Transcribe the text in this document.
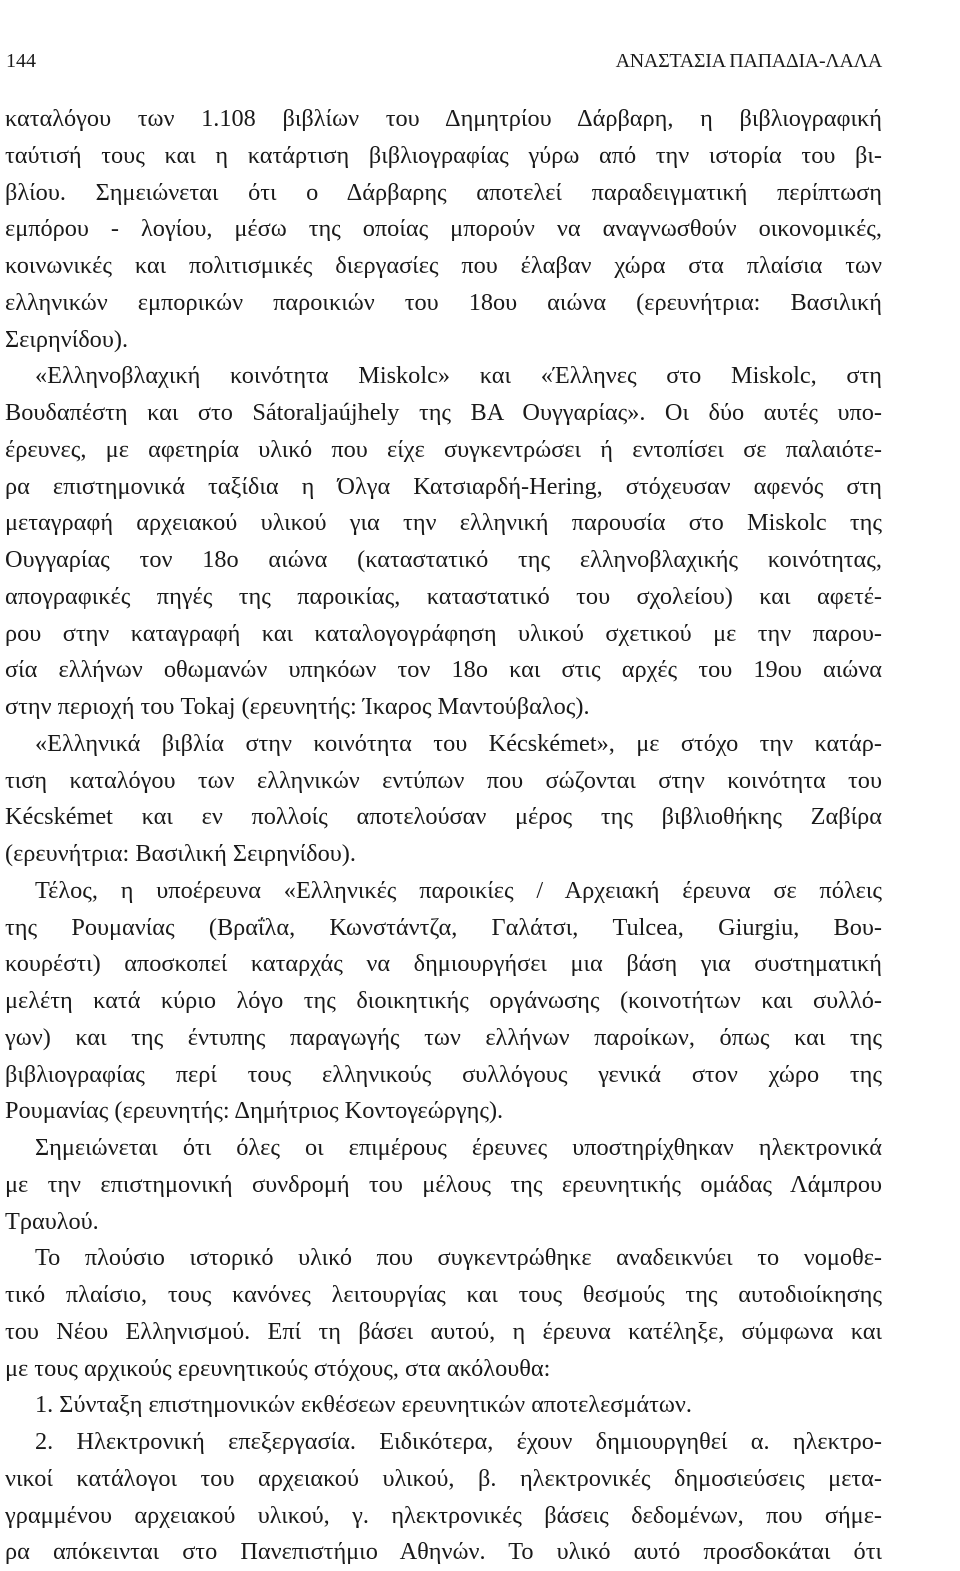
144	ΑΝΑΣΤΑΣΙΑ ΠΑΠΑΔΙΑ-ΛΑΛΑ

καταλόγου των 1.108 βιβλίων του Δημητρίου Δάρβαρη, η βιβλιογραφική

ταύτισή τους και η κατάρτιση βιβλιογραφίας γύρω από την ιστορία του βι-

βλίου. Σημειώνεται ότι ο Δάρβαρης αποτελεί παραδειγματική περίπτωση

εμπόρου - λογίου, μέσω της οποίας μπορούν να αναγνωσθούν οικονομικές,

κοινωνικές και πολιτισμικές διεργασίες που έλαβαν χώρα στα πλαίσια των

ελληνικών εμπορικών παροικιών του 18ου αιώνα (ερευνήτρια: Βασιλική

Σειρηνίδου).

«Ελληνοβλαχική κοινότητα Miskolc» και «Έλληνες στο Miskolc, στη

Βουδαπέστη και στο Sátoraljaújhely της ΒΑ Ουγγαρίας». Οι δύο αυτές υπο-

έρευνες, με αφετηρία υλικό που είχε συγκεντρώσει ή εντοπίσει σε παλαιότε-

ρα επιστημονικά ταξίδια η Όλγα Κατσιαρδή-Hering, στόχευσαν αφενός στη

μεταγραφή αρχειακού υλικού για την ελληνική παρουσία στο Miskolc της

Ουγγαρίας τον 18ο αιώνα (καταστατικό της ελληνοβλαχικής κοινότητας,

απογραφικές πηγές της παροικίας, καταστατικό του σχολείου) και αφετέ-

ρου στην καταγραφή και καταλογογράφηση υλικού σχετικού με την παρου-

σία ελλήνων οθωμανών υπηκόων τον 18ο και στις αρχές του 19ου αιώνα

στην περιοχή του Tokaj (ερευνητής: Ίκαρος Μαντούβαλος).

«Ελληνικά βιβλία στην κοινότητα του Kécskémet», με στόχο την κατάρ-

τιση καταλόγου των ελληνικών εντύπων που σώζονται στην κοινότητα του

Kécskémet και εν πολλοίς αποτελούσαν μέρος της βιβλιοθήκης Ζαβίρα

(ερευνήτρια: Βασιλική Σειρηνίδου).

Τέλος, η υποέρευνα «Ελληνικές παροικίες / Αρχειακή έρευνα σε πόλεις

της Ρουμανίας (Βραΐλα, Κωνστάντζα, Γαλάτσι, Tulcea, Giurgiu, Βου-

κουρέστι) αποσκοπεί καταρχάς να δημιουργήσει μια βάση για συστηματική

μελέτη κατά κύριο λόγο της διοικητικής οργάνωσης (κοινοτήτων και συλλό-

γων) και της έντυπης παραγωγής των ελλήνων παροίκων, όπως και της

βιβλιογραφίας περί τους ελληνικούς συλλόγους γενικά στον χώρο της

Ρουμανίας (ερευνητής: Δημήτριος Κοντογεώργης).

Σημειώνεται ότι όλες οι επιμέρους έρευνες υποστηρίχθηκαν ηλεκτρονικά

με την επιστημονική συνδρομή του μέλους της ερευνητικής ομάδας Λάμπρου

Τραυλού.

Το πλούσιο ιστορικό υλικό που συγκεντρώθηκε αναδεικνύει το νομοθε-

τικό πλαίσιο, τους κανόνες λειτουργίας και τους θεσμούς της αυτοδιοίκησης

του Νέου Ελληνισμού. Επί τη βάσει αυτού, η έρευνα κατέληξε, σύμφωνα και

με τους αρχικούς ερευνητικούς στόχους, στα ακόλουθα:

1. Σύνταξη επιστημονικών εκθέσεων ερευνητικών αποτελεσμάτων.

2. Ηλεκτρονική επεξεργασία. Ειδικότερα, έχουν δημιουργηθεί α. ηλεκτρο-

νικοί κατάλογοι του αρχειακού υλικού, β. ηλεκτρονικές δημοσιεύσεις μετα-

γραμμένου αρχειακού υλικού, γ. ηλεκτρονικές βάσεις δεδομένων, που σήμε-

ρα απόκεινται στο Πανεπιστήμιο Αθηνών. Το υλικό αυτό προσδοκάται ότι
